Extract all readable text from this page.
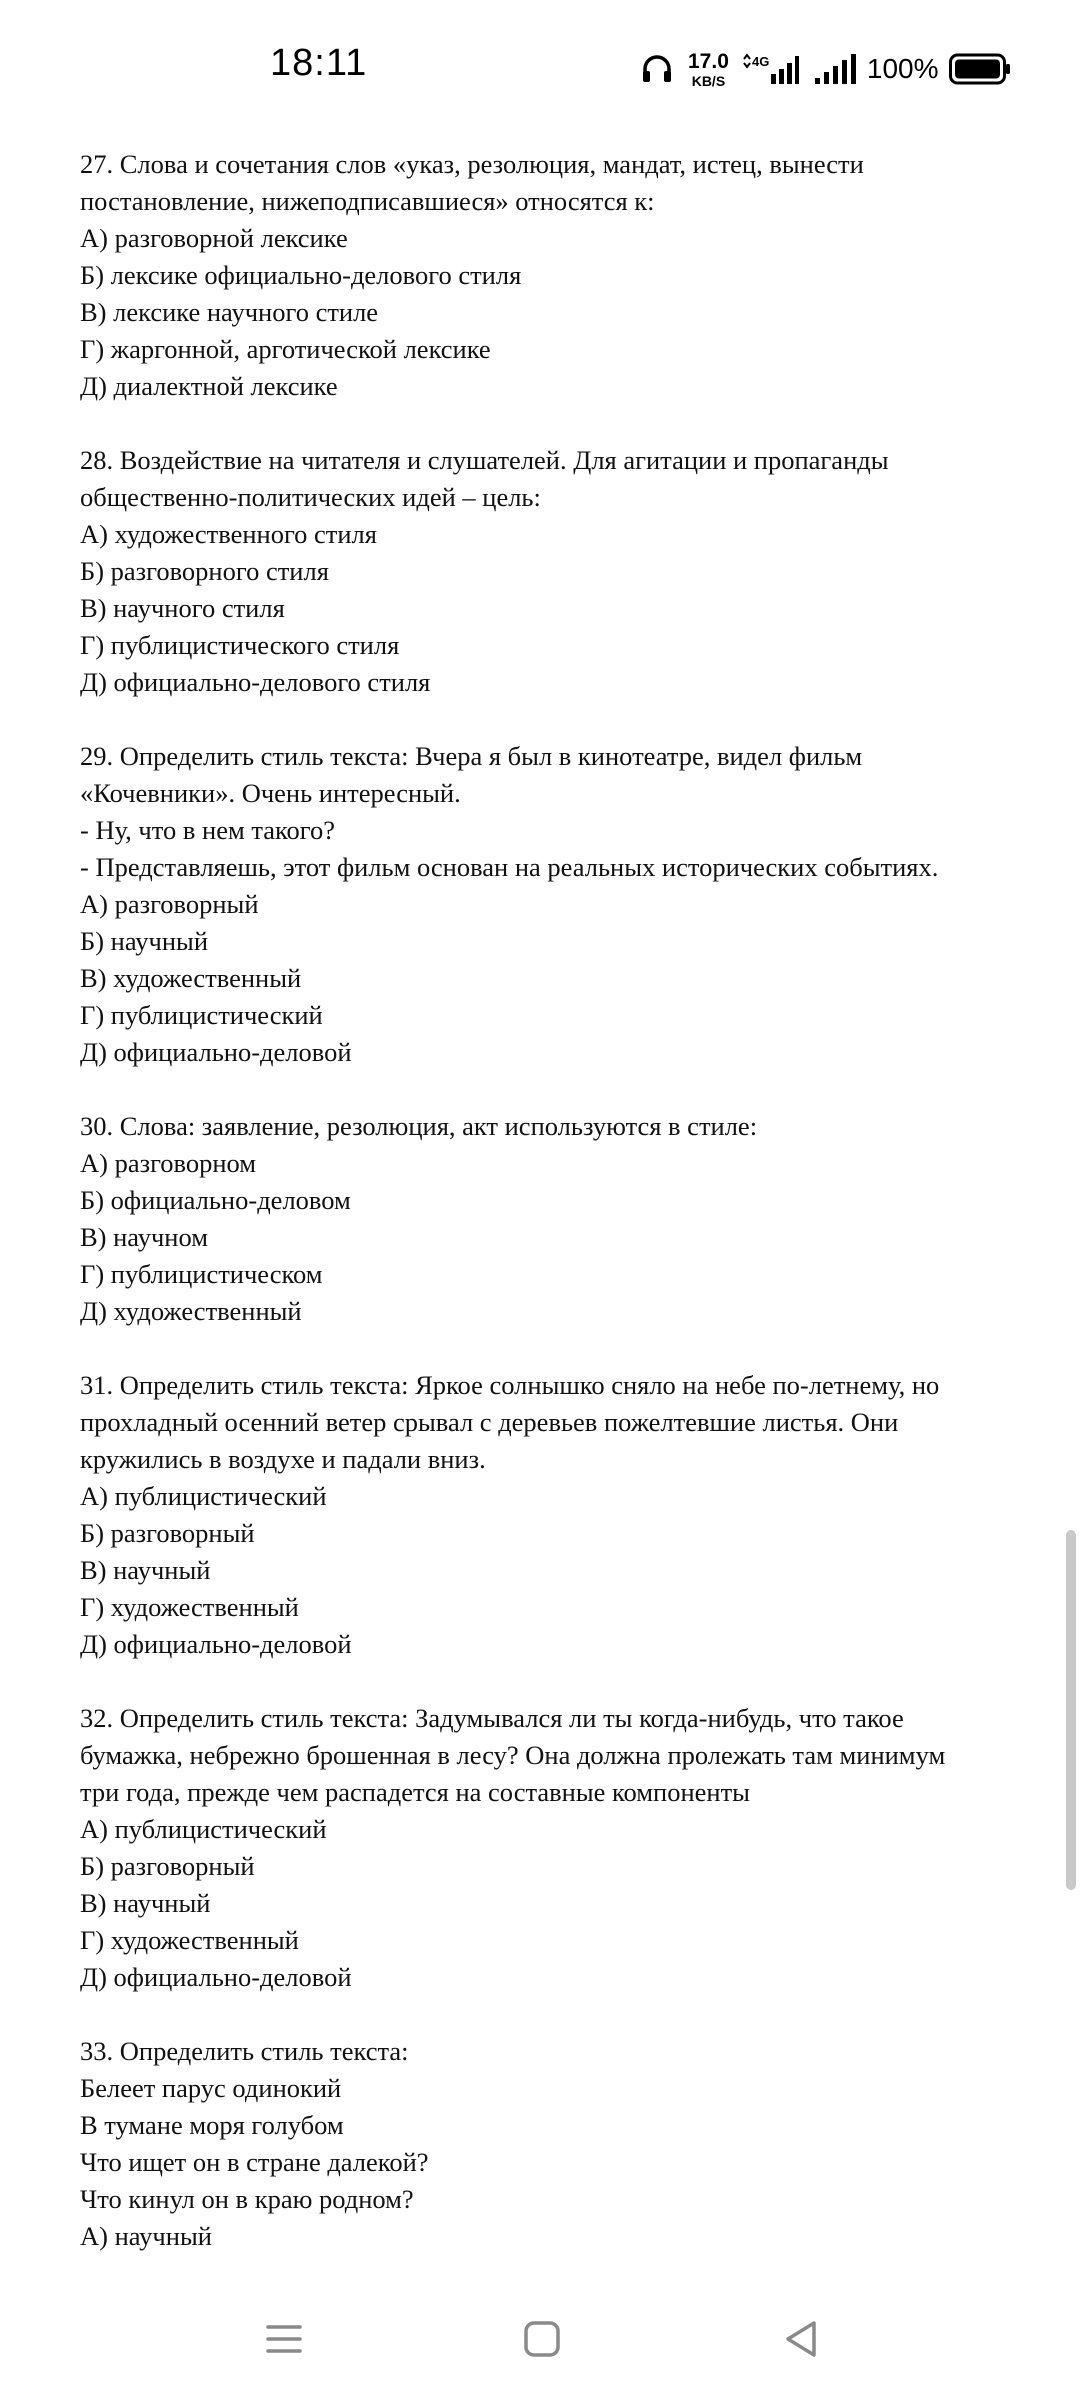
18:11	17.0
KB/S
4G	100%
27. Слова и сочетания слов «указ, резолюция, мандат, истец, вынести
постановление, нижеподписавшиеся» относятся к:
А) разговорной лексике
Б) лексике официально-делового стиля
В) лексике научного стиле
Г) жаргонной, арготической лексике
Д) диалектной лексике
28. Воздействие на читателя и слушателей. Для агитации и пропаганды
общественно-политических идей – цель:
А) художественного стиля
Б) разговорного стиля
В) научного стиля
Г) публицистического стиля
Д) официально-делового стиля
29. Определить стиль текста: Вчера я был в кинотеатре, видел фильм
«Кочевники». Очень интересный.
- Ну, что в нем такого?
- Представляешь, этот фильм основан на реальных исторических событиях.
А) разговорный
Б) научный
В) художественный
Г) публицистический
Д) официально-деловой
30. Слова: заявление, резолюция, акт используются в стиле:
А) разговорном
Б) официально-деловом
В) научном
Г) публицистическом
Д) художественный
31. Определить стиль текста: Яркое солнышко сняло на небе по-летнему, но
прохладный осенний ветер срывал с деревьев пожелтевшие листья. Они
кружились в воздухе и падали вниз.
А) публицистический
Б) разговорный
В) научный
Г) художественный
Д) официально-деловой
32. Определить стиль текста: Задумывался ли ты когда-нибудь, что такое
бумажка, небрежно брошенная в лесу? Она должна пролежать там минимум
три года, прежде чем распадется на составные компоненты
А) публицистический
Б) разговорный
В) научный
Г) художественный
Д) официально-деловой
33. Определить стиль текста:
Белеет парус одинокий
В тумане моря голубом
Что ищет он в стране далекой?
Что кинул он в краю родном?
А) научный
